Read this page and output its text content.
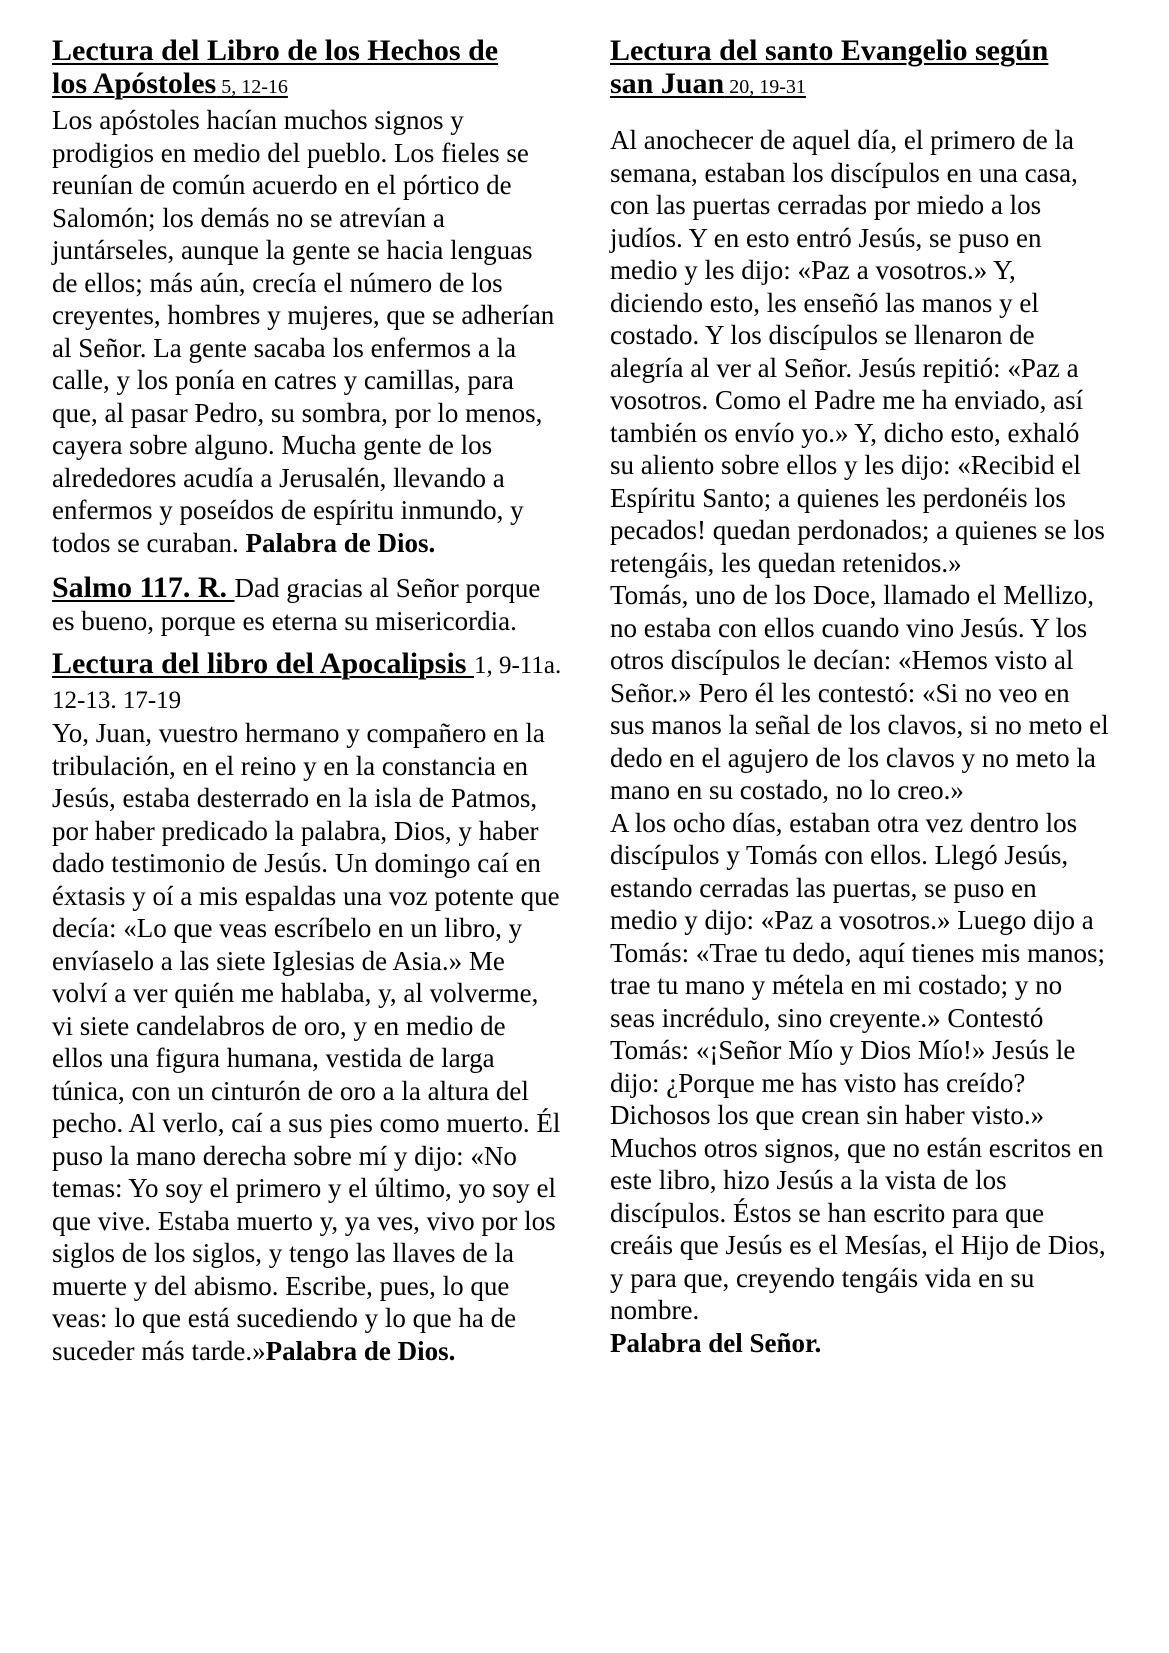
Lectura del Libro de los Hechos de
los Apóstoles 5, 12-16

Los apóstoles hacían muchos signos y prodigios en medio del pueblo. Los fieles se reunían de común acuerdo en el pórtico de Salomón; los demás no se atrevían a juntárseles, aunque la gente se hacia lenguas de ellos; más aún, crecía el número de los creyentes, hombres y mujeres, que se adherían al Señor. La gente sacaba los enfermos a la calle, y los ponía en catres y camillas, para que, al pasar Pedro, su sombra, por lo menos, cayera sobre alguno. Mucha gente de los alrededores acudía a Jerusalén, llevando a enfermos y poseídos de espíritu inmundo, y todos se curaban. Palabra de Dios.

Salmo 117. R. Dad gracias al Señor porque es bueno, porque es eterna su misericordia.

Lectura del libro del Apocalipsis 1, 9-11a. 12-13. 17-19
Yo, Juan, vuestro hermano y compañero en la tribulación, en el reino y en la constancia en Jesús, estaba desterrado en la isla de Patmos, por haber predicado la palabra, Dios, y haber dado testimonio de Jesús. Un domingo caí en éxtasis y oí a mis espaldas una voz potente que decía: «Lo que veas escríbelo en un libro, y envíaselo a las siete Iglesias de Asia.» Me volví a ver quién me hablaba, y, al volverme, vi siete candelabros de oro, y en medio de ellos una figura humana, vestida de larga túnica, con un cinturón de oro a la altura del pecho. Al verlo, caí a sus pies como muerto. Él puso la mano derecha sobre mí y dijo: «No temas: Yo soy el primero y el último, yo soy el que vive. Estaba muerto y, ya ves, vivo por los siglos de los siglos, y tengo las llaves de la muerte y del abismo. Escribe, pues, lo que veas: lo que está sucediendo y lo que ha de suceder más tarde.»Palabra de Dios.

Lectura del santo Evangelio según
san Juan 20, 19-31

Al anochecer de aquel día, el primero de la semana, estaban los discípulos en una casa, con las puertas cerradas por miedo a los judíos. Y en esto entró Jesús, se puso en medio y les dijo: «Paz a vosotros.» Y, diciendo esto, les enseñó las manos y el costado. Y los discípulos se llenaron de alegría al ver al Señor. Jesús repitió: «Paz a vosotros. Como el Padre me ha enviado, así también os envío yo.» Y, dicho esto, exhaló su aliento sobre ellos y les dijo: «Recibid el Espíritu Santo; a quienes les perdonéis los pecados! quedan perdonados; a quienes se los retengáis, les quedan retenidos.»

Tomás, uno de los Doce, llamado el Mellizo, no estaba con ellos cuando vino Jesús. Y los otros discípulos le decían: «Hemos visto al Señor.» Pero él les contestó: «Si no veo en sus manos la señal de los clavos, si no meto el dedo en el agujero de los clavos y no meto la mano en su costado, no lo creo.»

A los ocho días, estaban otra vez dentro los discípulos y Tomás con ellos. Llegó Jesús, estando cerradas las puertas, se puso en medio y dijo: «Paz a vosotros.» Luego dijo a Tomás: «Trae tu dedo, aquí tienes mis manos; trae tu mano y métela en mi costado; y no seas incrédulo, sino creyente.» Contestó Tomás: «¡Señor Mío y Dios Mío!» Jesús le dijo: ¿Porque me has visto has creído? Dichosos los que crean sin haber visto.» Muchos otros signos, que no están escritos en este libro, hizo Jesús a la vista de los discípulos. Éstos se han escrito para que creáis que Jesús es el Mesías, el Hijo de Dios, y para que, creyendo tengáis vida en su nombre.

Palabra del Señor.
